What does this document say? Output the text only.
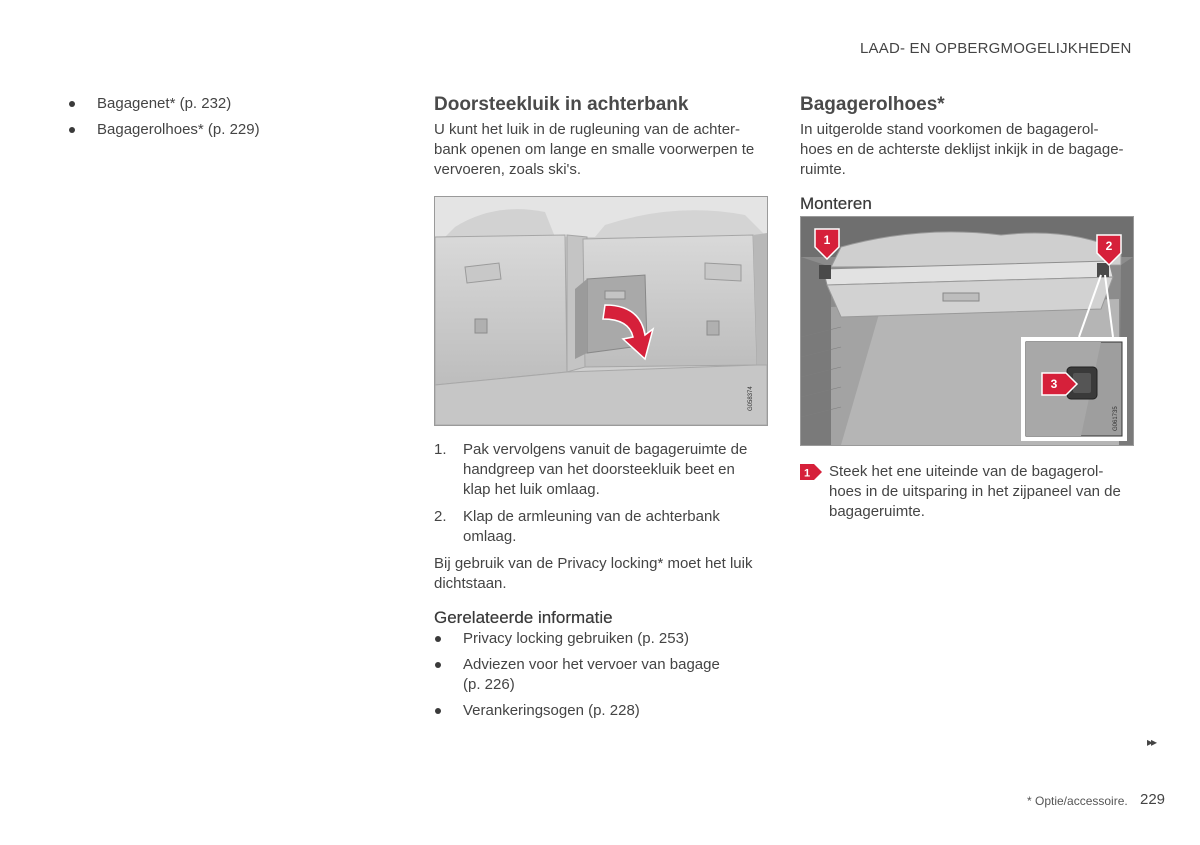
LAAD- EN OPBERGMOGELIJKHEDEN
Bagagenet* (p. 232)
Bagagerolhoes* (p. 229)
Doorsteekluik in achterbank

U kunt het luik in de rugleuning van de achter-
bank openen om lange en smalle voorwerpen te
vervoeren, zoals ski's.

G058374
1. Pak vervolgens vanuit de bagageruimte de
handgreep van het doorsteekluik beet en
klap het luik omlaag.
2. Klap de armleuning van de achterbank
omlaag.

Bij gebruik van de Privacy locking* moet het luik
dichtstaan.

Gerelateerde informatie
Privacy locking gebruiken (p. 253)
Adviezen voor het vervoer van bagage
(p. 226)
Verankeringsogen (p. 228)
Bagagerolhoes*

In uitgerolde stand voorkomen de bagagerol-
hoes en de achterste deklijst inkijk in de bagage-
ruimte.

Monteren
1	2
3
G061735
1 Steek het ene uiteinde van de bagagerol-
hoes in de uitsparing in het zijpaneel van de
bagageruimte.

▸▸
* Optie/accessoire. 229
